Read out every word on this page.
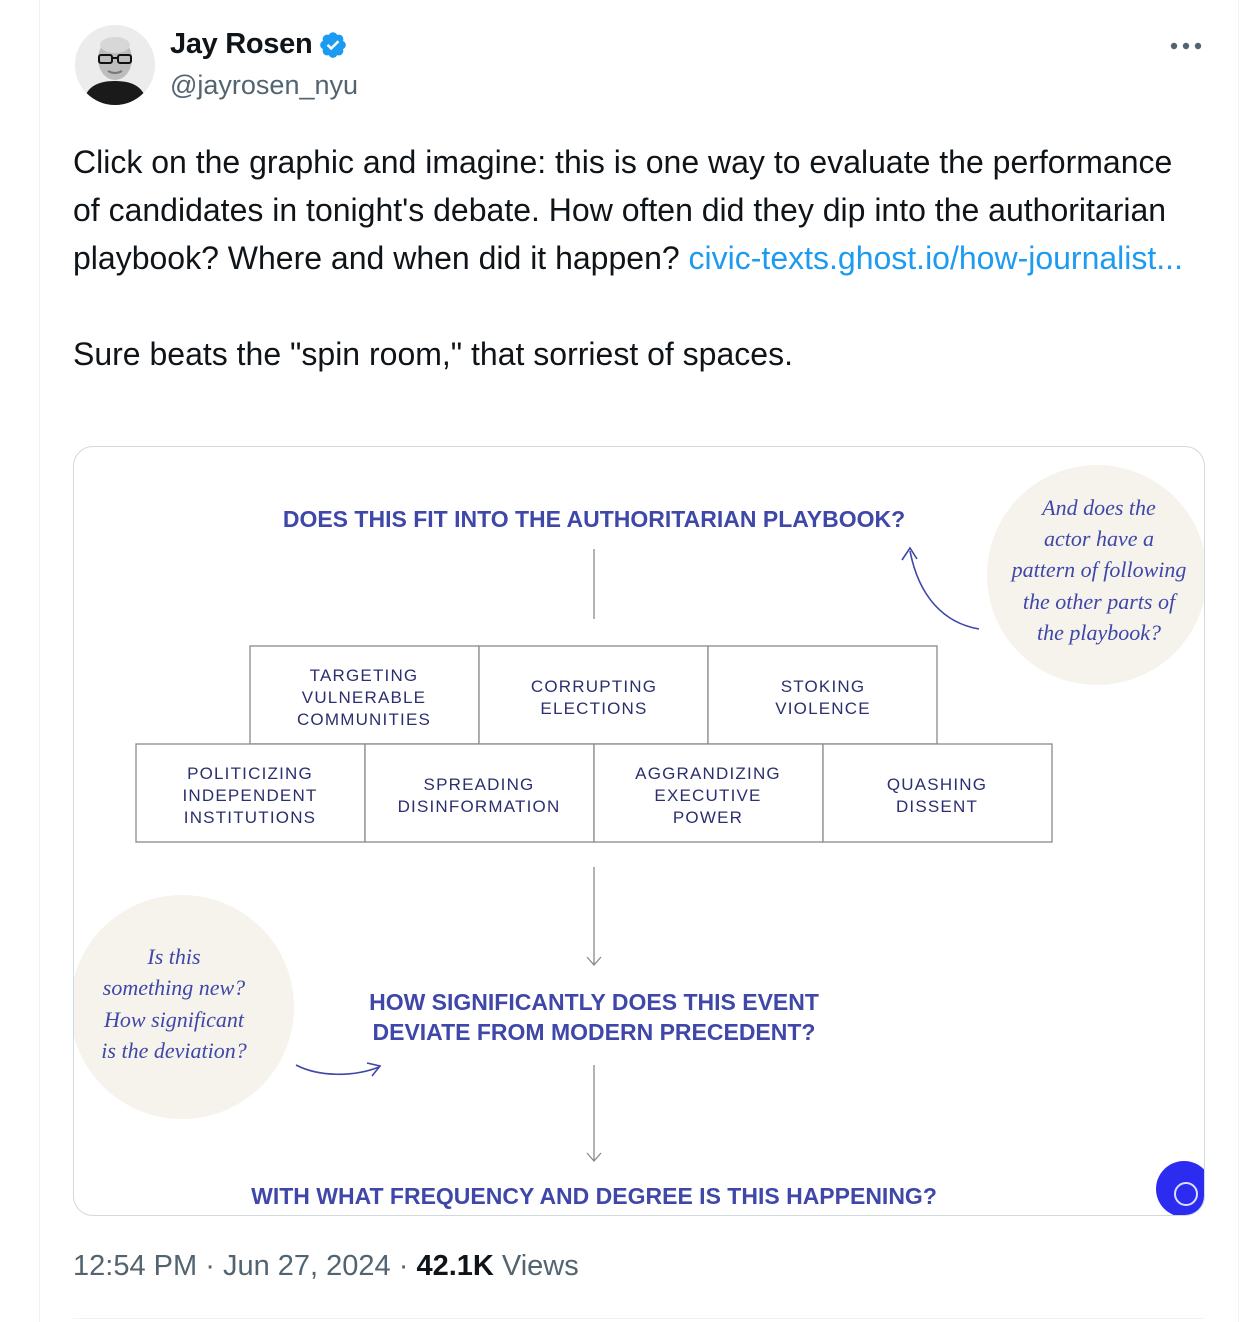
Jay Rosen
@jayrosen_nyu

Click on the graphic and imagine: this is one way to evaluate the performance of candidates in tonight's debate. How often did they dip into the authoritarian playbook? Where and when did it happen? civic-texts.ghost.io/how-journalist...

Sure beats the "spin room," that sorriest of spaces.

DOES THIS FIT INTO THE AUTHORITARIAN PLAYBOOK?	And does the
actor have a
pattern of following
the other parts of
the playbook?
TARGETING
VULNERABLE
COMMUNITIES
CORRUPTING
ELECTIONS
STOKING
VIOLENCE
POLITICIZING
INDEPENDENT
INSTITUTIONS
SPREADING
DISINFORMATION
AGGRANDIZING
EXECUTIVE
POWER
QUASHING
DISSENT
Is this
something new?
How significant
is the deviation?
HOW SIGNIFICANTLY DOES THIS EVENT
DEVIATE FROM MODERN PRECEDENT?
WITH WHAT FREQUENCY AND DEGREE IS THIS HAPPENING?
12:54 PM · Jun 27, 2024 · 42.1K Views
